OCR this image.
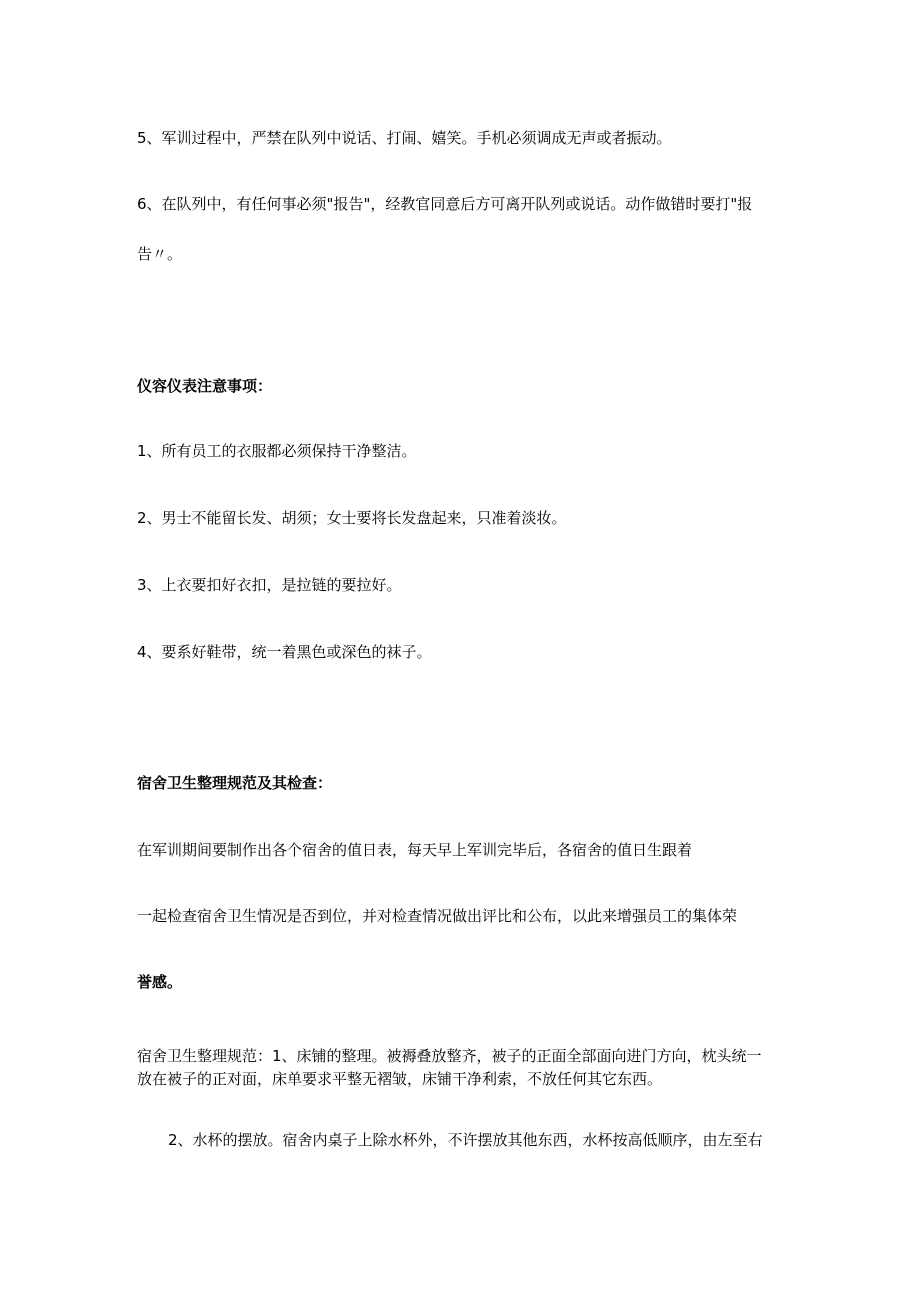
5、军训过程中，严禁在队列中说话、打闹、嬉笑。手机必须调成无声或者振动。

6、在队列中，有任何事必须"报告"，经教官同意后方可离开队列或说话。动作做错时要打"报

告〃。

仪容仪表注意事项：

1、所有员工的衣服都必须保持干净整洁。

2、男士不能留长发、胡须；女士要将长发盘起来，只准着淡妆。

3、上衣要扣好衣扣，是拉链的要拉好。

4、要系好鞋带，统一着黑色或深色的袜子。

宿舍卫生整理规范及其检查：

在军训期间要制作出各个宿舍的值日表，每天早上军训完毕后，各宿舍的值日生跟着

一起检查宿舍卫生情况是否到位，并对检查情况做出评比和公布，以此来增强员工的集体荣

誉感。

宿舍卫生整理规范：1、床铺的整理。被褥叠放整齐，被子的正面全部面向进门方向，枕头统一

放在被子的正对面，床单要求平整无褶皱，床铺干净利索，不放任何其它东西。

2、水杯的摆放。宿舍内桌子上除水杯外，不许摆放其他东西，水杯按高低顺序，由左至右
